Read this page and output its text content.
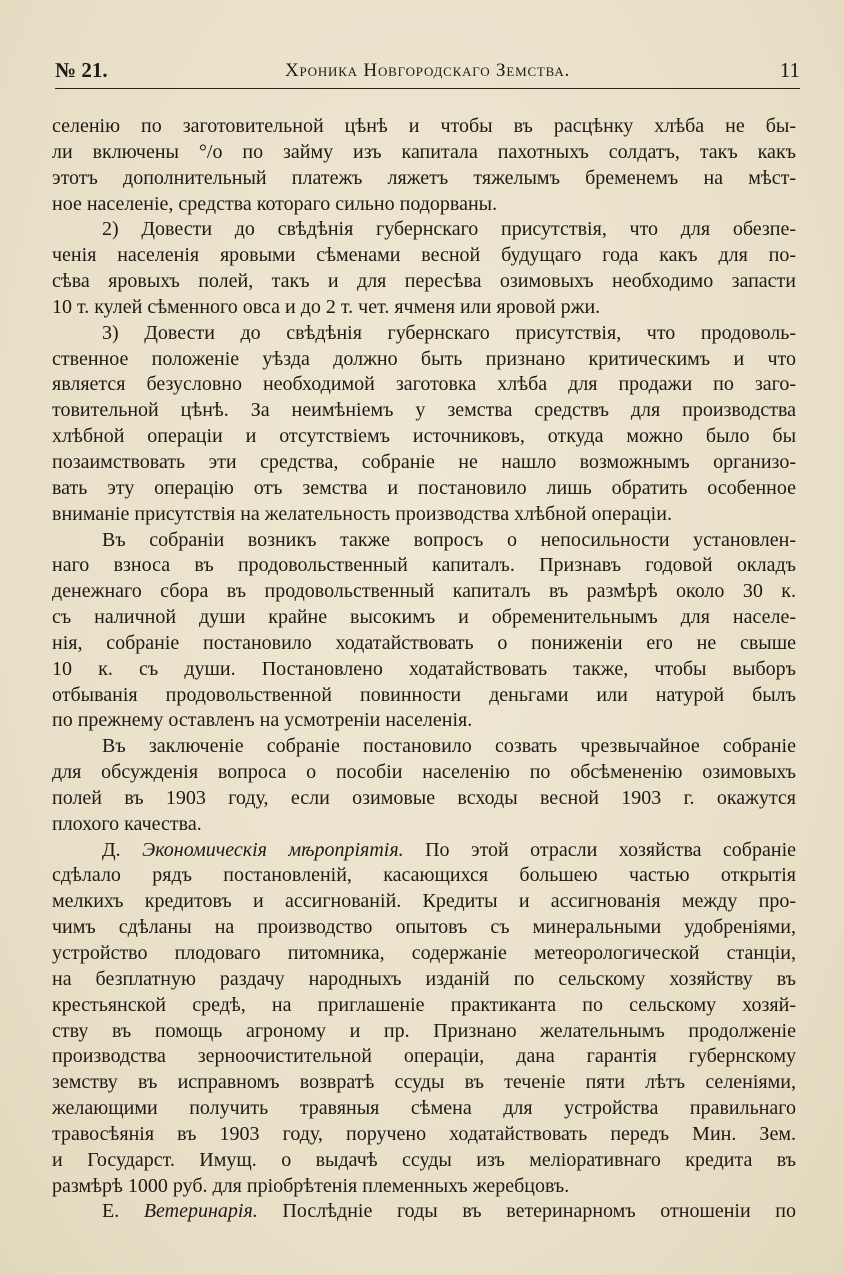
№ 21.	Хроника Новгородскаго Земства.	11
селенію по заготовительной цѣнѣ и чтобы въ расцѣнку хлѣба не бы-
ли включены °/о по займу изъ капитала пахотныхъ солдатъ, такъ какъ
этотъ дополнительный платежъ ляжетъ тяжелымъ бременемъ на мѣст-
ное населеніе, средства котораго сильно подорваны.
2) Довести до свѣдѣнія губернскаго присутствія, что для обезпе-
ченія населенія яровыми сѣменами весной будущаго года какъ для по-
сѣва яровыхъ полей, такъ и для пересѣва озимовыхъ необходимо запасти
10 т. кулей сѣменного овса и до 2 т. чет. ячменя или яровой ржи.
3) Довести до свѣдѣнія губернскаго присутствія, что продоволь-
ственное положеніе уѣзда должно быть признано критическимъ и что
является безусловно необходимой заготовка хлѣба для продажи по заго-
товительной цѣнѣ. За неимѣніемъ у земства средствъ для производства
хлѣбной операціи и отсутствіемъ источниковъ, откуда можно было бы
позаимствовать эти средства, собраніе не нашло возможнымъ организо-
вать эту операцію отъ земства и постановило лишь обратить особенное
вниманіе присутствія на желательность производства хлѣбной операціи.
Въ собраніи возникъ также вопросъ о непосильности установлен-
наго взноса въ продовольственный капиталъ. Признавъ годовой окладъ
денежнаго сбора въ продовольственный капиталъ въ размѣрѣ около 30 к.
съ наличной души крайне высокимъ и обременительнымъ для населе-
нія, собраніе постановило ходатайствовать о пониженіи его не свыше
10 к. съ души. Постановлено ходатайствовать также, чтобы выборъ
отбыванія продовольственной повинности деньгами или натурой былъ
по прежнему оставленъ на усмотреніи населенія.
Въ заключеніе собраніе постановило созвать чрезвычайное собраніе
для обсужденія вопроса о пособіи населенію по обсѣмененію озимовыхъ
полей въ 1903 году, если озимовые всходы весной 1903 г. окажутся
плохого качества.
Д. Экономическія мѣропріятія. По этой отрасли хозяйства собраніе
сдѣлало рядъ постановленій, касающихся большею частью открытія
мелкихъ кредитовъ и ассигнованій. Кредиты и ассигнованія между про-
чимъ сдѣланы на производство опытовъ съ минеральными удобреніями,
устройство плодоваго питомника, содержаніе метеорологической станціи,
на безплатную раздачу народныхъ изданій по сельскому хозяйству въ
крестьянской средѣ, на приглашеніе практиканта по сельскому хозяй-
ству въ помощь агроному и пр. Признано желательнымъ продолженіе
производства зерноочистительной операціи, дана гарантія губернскому
земству въ исправномъ возвратѣ ссуды въ теченіе пяти лѣтъ селеніями,
желающими получить травяныя сѣмена для устройства правильнаго
травосѣянія въ 1903 году, поручено ходатайствовать передъ Мин. Зем.
и Государст. Имущ. о выдачѣ ссуды изъ меліоративнаго кредита въ
размѣрѣ 1000 руб. для пріобрѣтенія племенныхъ жеребцовъ.
Е. Ветеринарія. Послѣдніе годы въ ветеринарномъ отношеніи по
